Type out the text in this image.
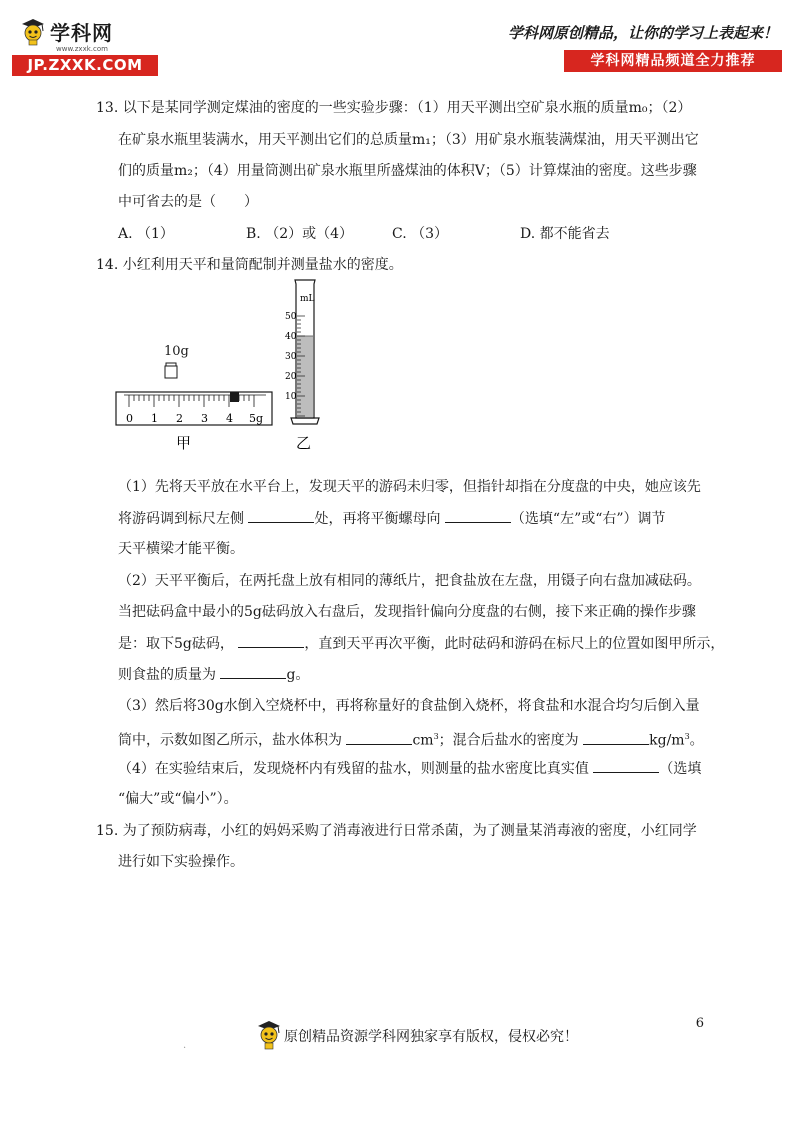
学科网
www.zxxk.com
JP.ZXXK.COM
学科网原创精品，让你的学习上表起来！
学科网精品频道全力推荐
13. 以下是某同学测定煤油的密度的一些实验步骤：（1）用天平测出空矿泉水瓶的质量m₀；（2）
在矿泉水瓶里装满水，用天平测出它们的总质量m₁；（3）用矿泉水瓶装满煤油，用天平测出它
们的质量m₂；（4）用量筒测出矿泉水瓶里所盛煤油的体积V；（5）计算煤油的密度。这些步骤
中可省去的是（　　）
A. （1）	B. （2）或（4）	C. （3）	D. 都不能省去
14. 小红利用天平和量筒配制并测量盐水的密度。
10g
0 1 2 3 4 5g
甲
mL
50
40
30
20
10
乙
（1）先将天平放在水平台上，发现天平的游码未归零，但指针却指在分度盘的中央，她应该先
将游码调到标尺左侧	处，再将平衡螺母向	（选填“左”或“右”）调节
天平横梁才能平衡。
（2）天平平衡后，在两托盘上放有相同的薄纸片，把食盐放在左盘，用镊子向右盘加减砝码。
当把砝码盒中最小的5g砝码放入右盘后，发现指针偏向分度盘的右侧，接下来正确的操作步骤
是：取下5g砝码，	，直到天平再次平衡，此时砝码和游码在标尺上的位置如图甲所示，
则食盐的质量为	g。
（3）然后将30g水倒入空烧杯中，再将称量好的食盐倒入烧杯，将食盐和水混合均匀后倒入量
筒中，示数如图乙所示，盐水体积为	$cm^3$；混合后盐水的密度为	$kg/m^3$。
（4）在实验结束后，发现烧杯内有残留的盐水，则测量的盐水密度比真实值	（选填
“偏大”或“偏小”）。
15. 为了预防病毒，小红的妈妈采购了消毒液进行日常杀菌，为了测量某消毒液的密度，小红同学
进行如下实验操作。
6
.
原创精品资源学科网独家享有版权，侵权必究！
